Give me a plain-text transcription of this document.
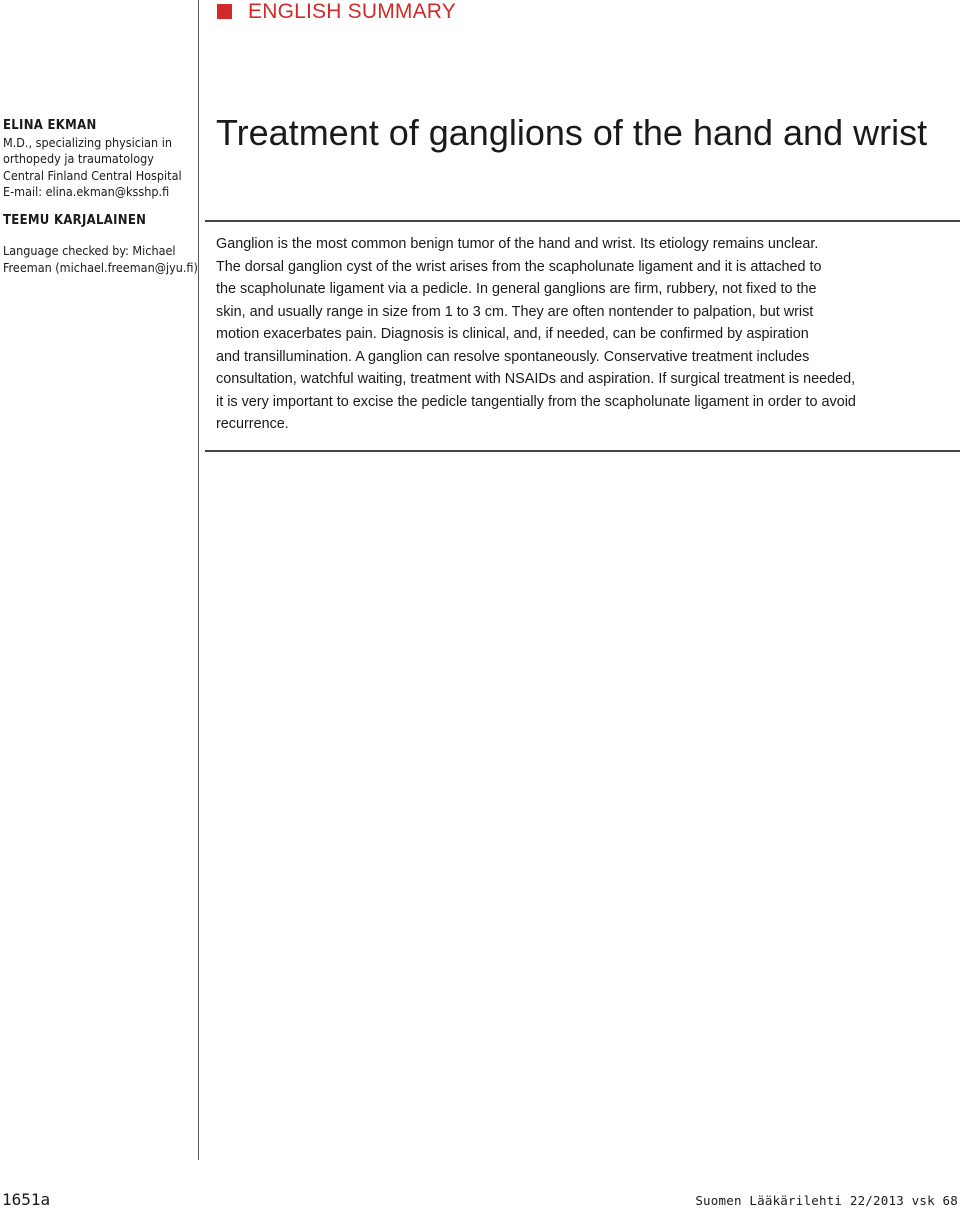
ENGLISH SUMMARY
ELINA EKMAN
M.D., specializing physician in
orthopedy ja traumatology
Central Finland Central Hospital
E-mail: elina.ekman@ksshp.fi
TEEMU KARJALAINEN
Language checked by: Michael
Freeman (michael.freeman@jyu.fi)
Treatment of ganglions of the hand and wrist
Ganglion is the most common benign tumor of the hand and wrist. Its etiology remains unclear.
The dorsal ganglion cyst of the wrist arises from the scapholunate ligament and it is attached to
the scapholunate ligament via a pedicle. In general ganglions are firm, rubbery, not fixed to the
skin, and usually range in size from 1 to 3 cm. They are often nontender to palpation, but wrist
motion exacerbates pain. Diagnosis is clinical, and, if needed, can be confirmed by aspiration
and transillumination. A ganglion can resolve spontaneously. Conservative treatment includes
consultation, watchful waiting, treatment with NSAIDs and aspiration. If surgical treatment is needed,
it is very important to excise the pedicle tangentially from the scapholunate ligament in order to avoid
recurrence.
1651a	Suomen Lääkärilehti 22/2013 vsk 68
